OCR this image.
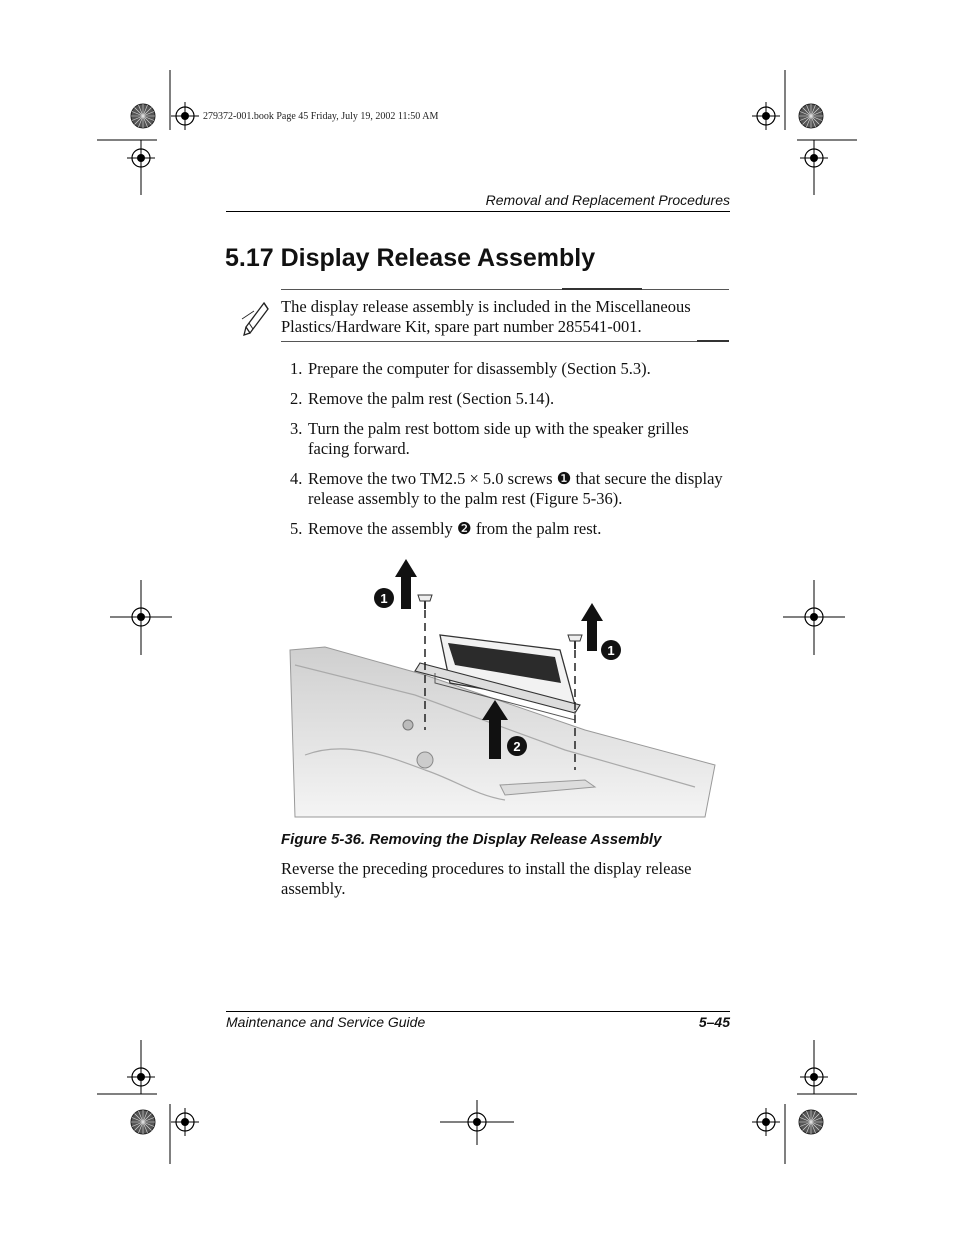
279372-001.book Page 45 Friday, July 19, 2002 11:50 AM
Removal and Replacement Procedures
5.17 Display Release Assembly
The display release assembly is included in the Miscellaneous Plastics/Hardware Kit, spare part number 285541-001.
1. Prepare the computer for disassembly (Section 5.3).
2. Remove the palm rest (Section 5.14).
3. Turn the palm rest bottom side up with the speaker grilles facing forward.
4. Remove the two TM2.5 × 5.0 screws ❶ that secure the display release assembly to the palm rest (Figure 5-36).
5. Remove the assembly ❷ from the palm rest.
1
1
2
Figure 5-36. Removing the Display Release Assembly
Reverse the preceding procedures to install the display release assembly.
Maintenance and Service Guide	5–45
